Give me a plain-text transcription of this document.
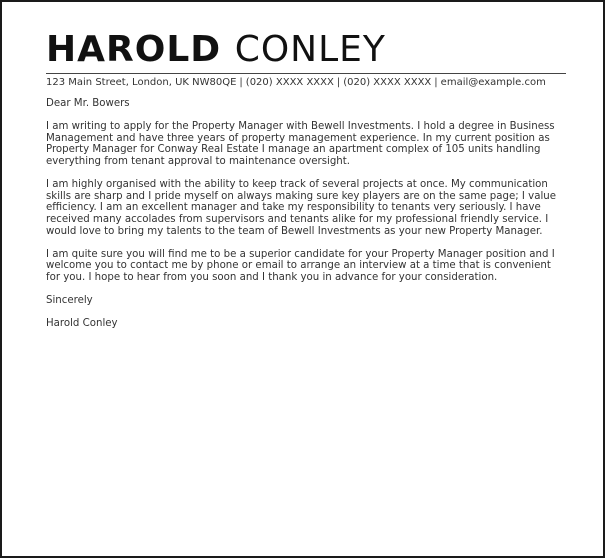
HAROLD CONLEY
123 Main Street, London, UK NW80QE | (020) XXXX XXXX | (020) XXXX XXXX | email@example.com

Dear Mr. Bowers

I am writing to apply for the Property Manager with Bewell Investments. I hold a degree in Business Management and have three years of property management experience. In my current position as Property Manager for Conway Real Estate I manage an apartment complex of 105 units handling everything from tenant approval to maintenance oversight.

I am highly organised with the ability to keep track of several projects at once. My communication skills are sharp and I pride myself on always making sure key players are on the same page; I value efficiency. I am an excellent manager and take my responsibility to tenants very seriously. I have received many accolades from supervisors and tenants alike for my professional friendly service. I would love to bring my talents to the team of Bewell Investments as your new Property Manager.

I am quite sure you will find me to be a superior candidate for your Property Manager position and I welcome you to contact me by phone or email to arrange an interview at a time that is convenient for you. I hope to hear from you soon and I thank you in advance for your consideration.

Sincerely

Harold Conley
